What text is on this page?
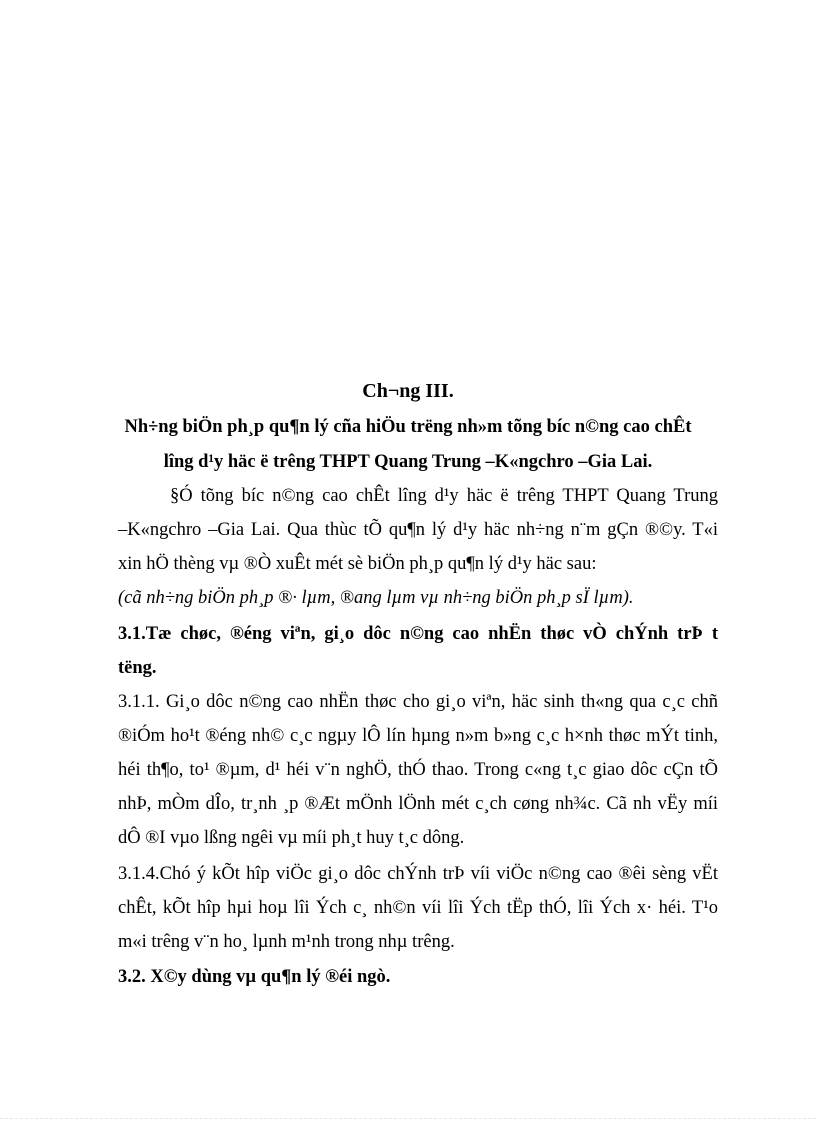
Ch¬ng III.
Nh÷ng biÖn ph¸p qu¶n lý cña hiÖu trëng nh»m tõng bíc n©ng cao chÊt
lîng d¹y häc ë trêng THPT Quang Trung –K«ngchro –Gia Lai.
§Ó tõng bíc n©ng cao chÊt lîng d¹y häc ë trêng THPT Quang Trung
–K«ngchro –Gia Lai. Qua thùc tÕ qu¶n lý d¹y häc nh÷ng n¨m gÇn ®©y. T«i
xin hÖ thèng vµ ®Ò xuÊt mét sè biÖn ph¸p qu¶n lý d¹y häc sau:
(cã nh÷ng biÖn ph¸p ®· lµm, ®ang lµm vµ nh÷ng biÖn ph¸p sÏ lµm).
3.1.Tæ chøc, ®éng viªn, gi¸o dôc n©ng cao nhËn thøc vÒ chÝnh trÞ t
tëng.
3.1.1. Gi¸o dôc n©ng cao nhËn thøc cho gi¸o viªn, häc sinh th«ng qua c¸c chñ
®iÓm ho¹t ®éng nh© c¸c ngµy lÔ lín hµng n»m b»ng c¸c h×nh thøc mÝt tinh,
héi th¶o, to¹ ®µm, d¹ héi v¨n nghÖ, thÓ thao. Trong c«ng t¸c giao dôc cÇn tÕ
nhÞ, mÒm dÎo, tr¸nh ¸p ®Æt mÖnh lÖnh mét c¸ch cøng nh¾c. Cã nh vËy míi
dÔ ®I vµo lßng ngêi vµ míi ph¸t huy t¸c dông.
3.1.4.Chó ý kÕt hîp viÖc gi¸o dôc chÝnh trÞ víi viÖc n©ng cao ®êi sèng vËt
chÊt, kÕt hîp hµi hoµ lîi Ých c¸ nh©n víi lîi Ých tËp thÓ, lîi Ých x· héi. T¹o
m«i trêng v¨n ho¸ lµnh m¹nh trong nhµ trêng.
3.2. X©y dùng vµ qu¶n lý ®éi ngò.
